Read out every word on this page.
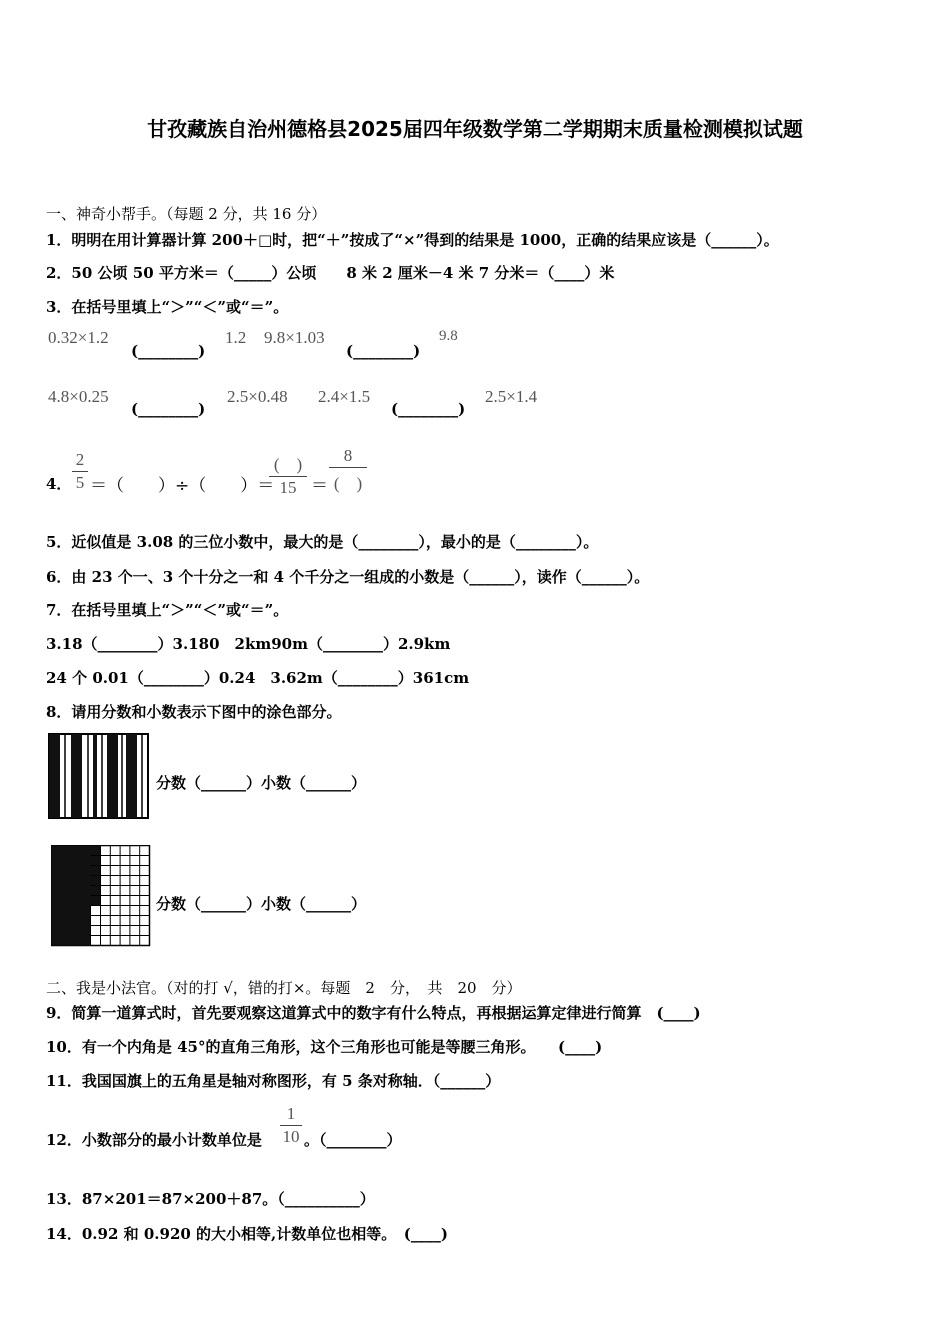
甘孜藏族自治州德格县2025届四年级数学第二学期期末质量检测模拟试题
一、神奇小帮手。（每题 2 分，共 16 分）
1．明明在用计算器计算 200＋□时，把“＋”按成了“×”得到的结果是 1000，正确的结果应该是（______）。
2．50 公顷 50 平方米＝（_____）公顷　　8 米 2 厘米－4 米 7 分米＝（____）米
3．在括号里填上“＞”“＜”或“＝”。
0.32×1.2
(________)
1.2 9.8×1.03
(________)
9.8
4.8×0.25
(________)
2.5×0.48 2.4×1.5
(________)
2.5×1.4
4．
2
5 ＝（　　）÷（　　）＝
(　)
15 ＝
8
(　)
5．近似值是 3.08 的三位小数中，最大的是（________），最小的是（________）。
6．由 23 个一、3 个十分之一和 4 个千分之一组成的小数是（______），读作（______）。
7．在括号里填上“＞”“＜”或“＝”。
3.18（________）3.180　2km90m（________）2.9km
24 个 0.01（________）0.24　3.62m（________）361cm
8．请用分数和小数表示下图中的涂色部分。
分数（______）小数（______）
分数（______）小数（______）
二、我是小法官。（对的打 √，错的打×。每题　2　分，　共　20　分）
9．简算一道算式时，首先要观察这道算式中的数字有什么特点，再根据运算定律进行简算　(____)
10．有一个内角是 45°的直角三角形，这个三角形也可能是等腰三角形。　　(____)
11．我国国旗上的五角星是轴对称图形，有 5 条对称轴．（______）
12．小数部分的最小计数单位是
1
10 。（________）
13．87×201＝87×200＋87。（__________）
14．0.92 和 0.920 的大小相等,计数单位也相等。　(____)
